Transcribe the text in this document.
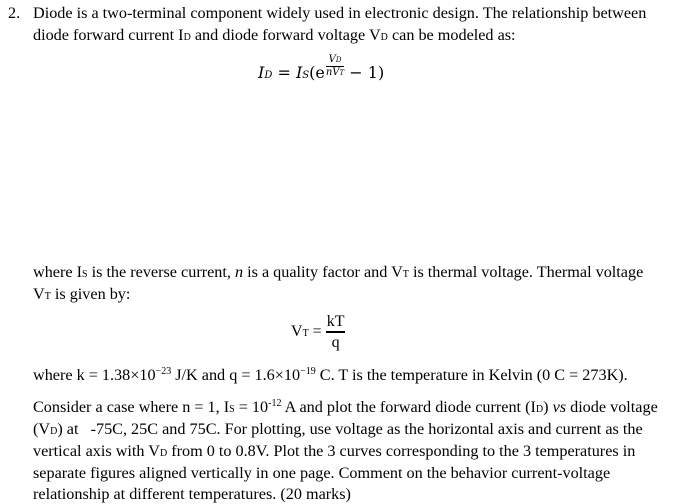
2. Diode is a two-terminal component widely used in electronic design. The relationship between
diode forward current ID and diode forward voltage VD can be modeled as:
ID = $IS(e \frac{VD}{\text{nVT}} - 1)$
where IS is the reverse current, n is a quality factor and VT is thermal voltage. Thermal voltage
VT is given by:
VT = $\frac{kT}{q}$
where $k = 1.38\times 10^{-23}$ J/K and $q = 1.6\times 10^{-19}$ C. T is the temperature in Kelvin (0 C = 273K).
Consider a case where n = 1, IS = $10^{-12}$ A and plot the forward diode current (ID) vs diode voltage
(VD) at   -75C, 25C and 75C. For plotting, use voltage as the horizontal axis and current as the
vertical axis with VD from 0 to 0.8V. Plot the 3 curves corresponding to the 3 temperatures in
separate figures aligned vertically in one page. Comment on the behavior current-voltage
relationship at different temperatures. (20 marks)
